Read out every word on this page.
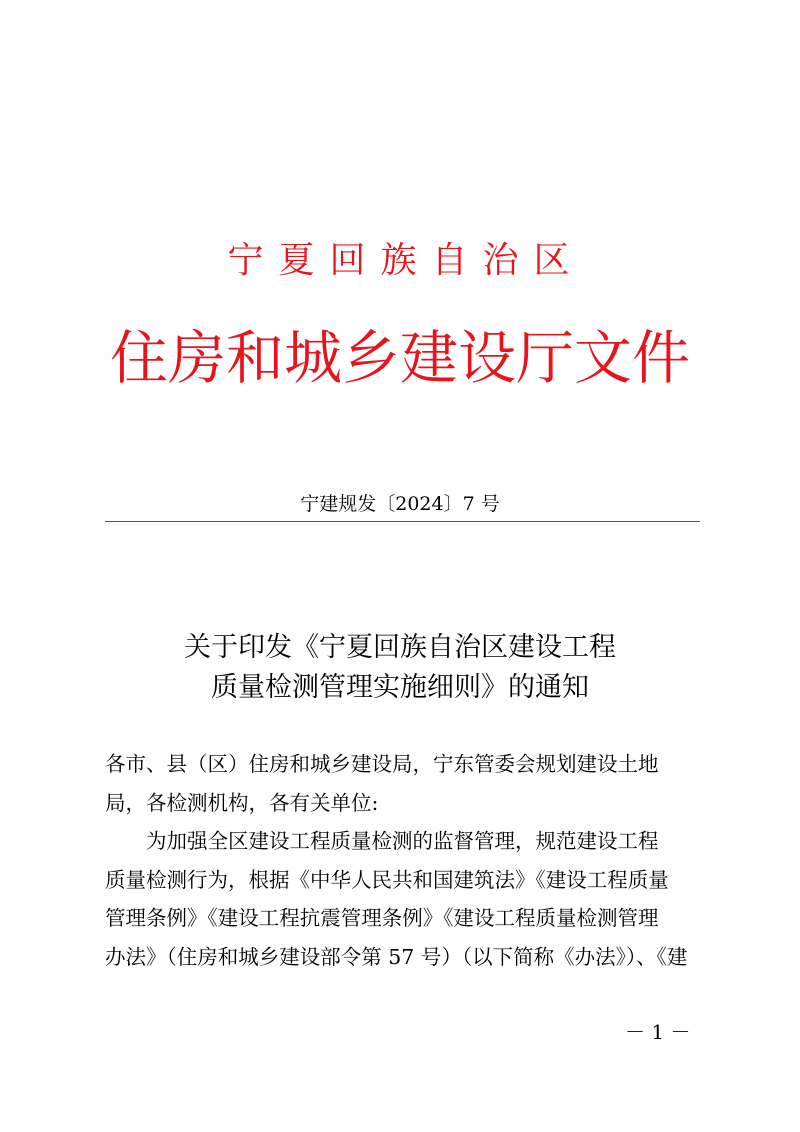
宁夏回族自治区
住房和城乡建设厅文件
宁建规发〔2024〕7 号
关于印发《宁夏回族自治区建设工程
质量检测管理实施细则》的通知
各市、县（区）住房和城乡建设局，宁东管委会规划建设土地
局，各检测机构，各有关单位:
　　为加强全区建设工程质量检测的监督管理，规范建设工程
质量检测行为，根据《中华人民共和国建筑法》《建设工程质量
管理条例》《建设工程抗震管理条例》《建设工程质量检测管理
办法》（住房和城乡建设部令第 57 号）（以下简称《办法》）、《建
－ 1 －
